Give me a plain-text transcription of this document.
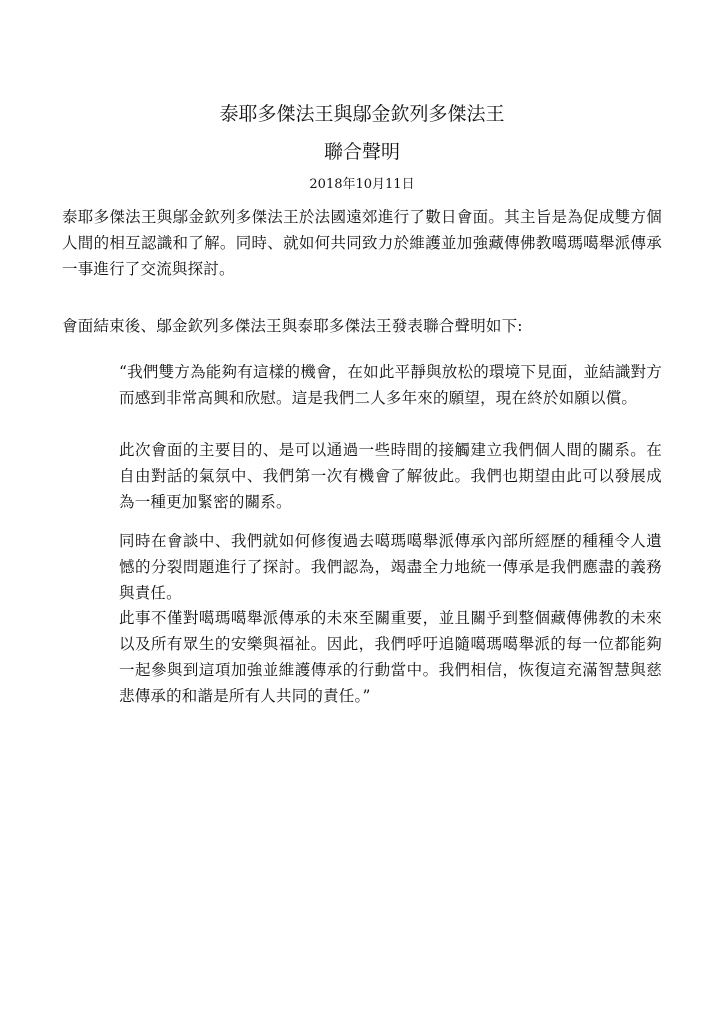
泰耶多傑法王與鄔金欽列多傑法王
聯合聲明
2018年10月11日

泰耶多傑法王與鄔金欽列多傑法王於法國遠郊進行了數日會面。其主旨是為促成雙方個人間的相互認識和了解。同時、就如何共同致力於維護並加強藏傳佛教噶瑪噶舉派傳承一事進行了交流與探討。

會面結束後、鄔金欽列多傑法王與泰耶多傑法王發表聯合聲明如下:

“我們雙方為能夠有這樣的機會，在如此平靜與放松的環境下見面，並結識對方而感到非常高興和欣慰。這是我們二人多年來的願望，現在終於如願以償。

此次會面的主要目的、是可以通過一些時間的接觸建立我們個人間的關系。在自由對話的氣氛中、我們第一次有機會了解彼此。我們也期望由此可以發展成為一種更加緊密的關系。

同時在會談中、我們就如何修復過去噶瑪噶舉派傳承內部所經歷的種種令人遺憾的分裂問題進行了探討。我們認為，竭盡全力地統一傳承是我們應盡的義務與責任。

此事不僅對噶瑪噶舉派傳承的未來至關重要，並且關乎到整個藏傳佛教的未來以及所有眾生的安樂與福祉。因此，我們呼吁追隨噶瑪噶舉派的每一位都能夠一起參與到這項加強並維護傳承的行動當中。我們相信，恢復這充滿智慧與慈悲傳承的和諧是所有人共同的責任。”
